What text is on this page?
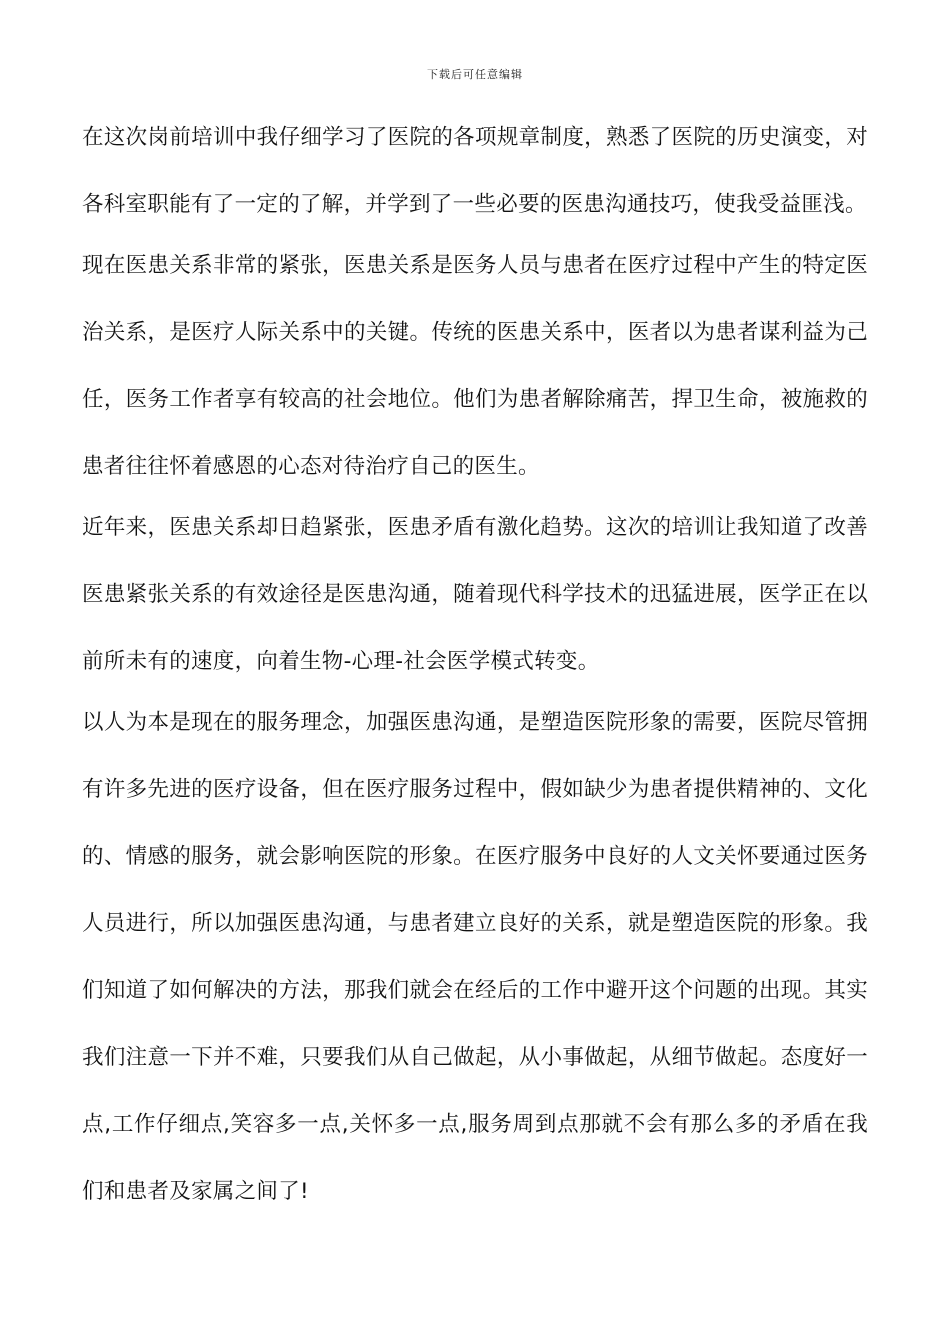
下载后可任意编辑

在这次岗前培训中我仔细学习了医院的各项规章制度，熟悉了医院的历史演变，对各科室职能有了一定的了解，并学到了一些必要的医患沟通技巧，使我受益匪浅。

现在医患关系非常的紧张，医患关系是医务人员与患者在医疗过程中产生的特定医治关系，是医疗人际关系中的关键。传统的医患关系中，医者以为患者谋利益为己任，医务工作者享有较高的社会地位。他们为患者解除痛苦，捍卫生命，被施救的患者往往怀着感恩的心态对待治疗自己的医生。

近年来，医患关系却日趋紧张，医患矛盾有激化趋势。这次的培训让我知道了改善医患紧张关系的有效途径是医患沟通，随着现代科学技术的迅猛进展，医学正在以前所未有的速度，向着生物-心理-社会医学模式转变。

以人为本是现在的服务理念，加强医患沟通，是塑造医院形象的需要，医院尽管拥有许多先进的医疗设备，但在医疗服务过程中，假如缺少为患者提供精神的、文化的、情感的服务，就会影响医院的形象。在医疗服务中良好的人文关怀要通过医务人员进行，所以加强医患沟通，与患者建立良好的关系，就是塑造医院的形象。我们知道了如何解决的方法，那我们就会在经后的工作中避开这个问题的出现。其实我们注意一下并不难，只要我们从自己做起，从小事做起，从细节做起。态度好一点,工作仔细点,笑容多一点,关怀多一点,服务周到点那就不会有那么多的矛盾在我们和患者及家属之间了!
